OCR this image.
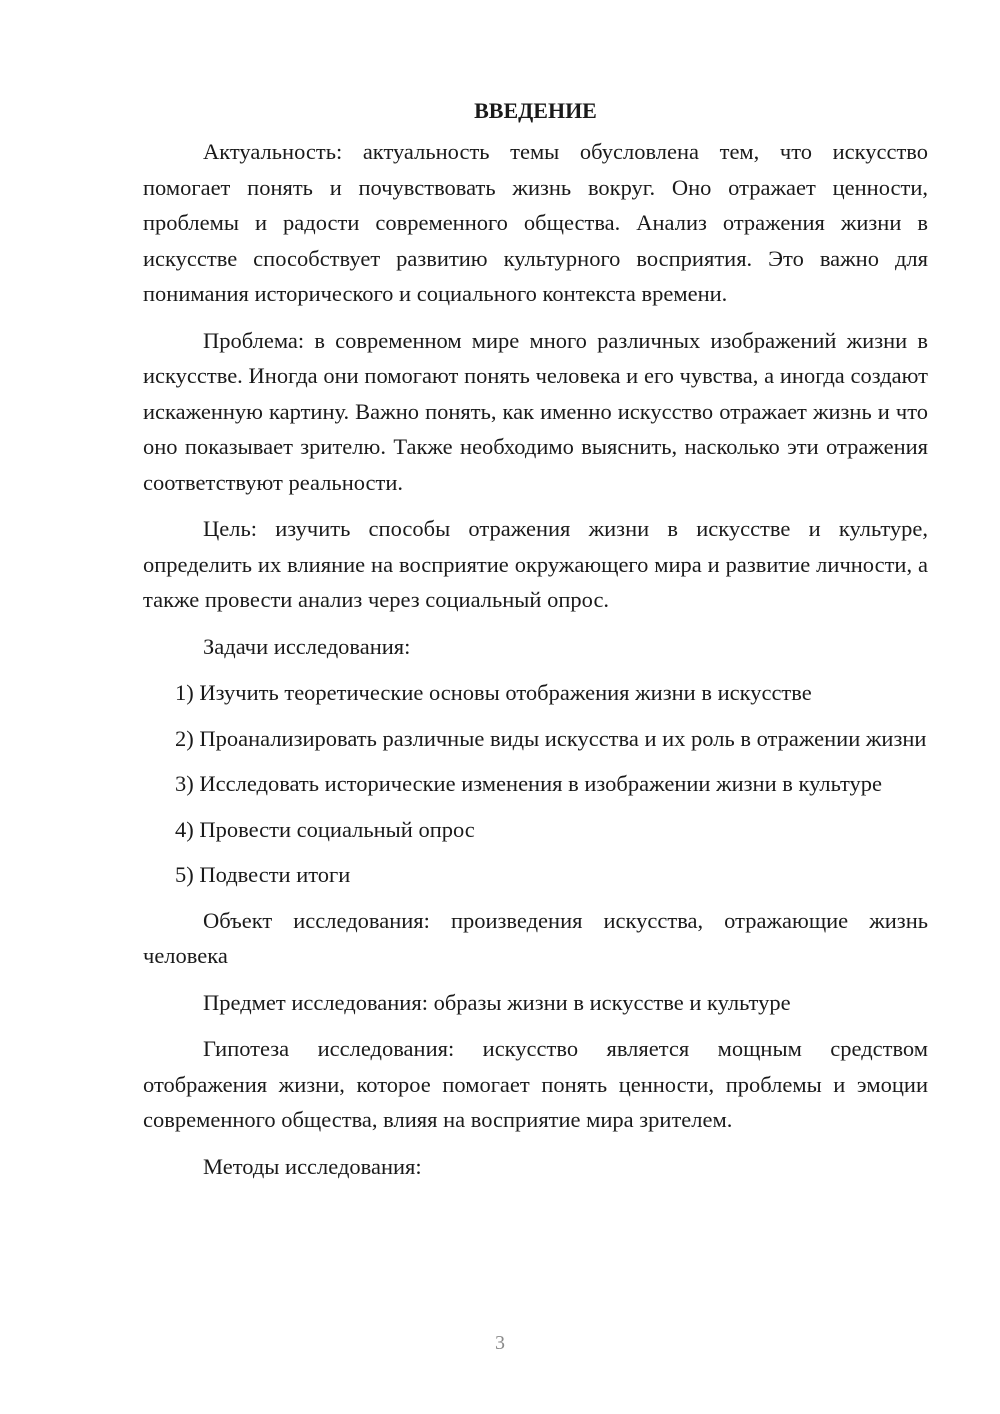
ВВЕДЕНИЕ

Актуальность: актуальность темы обусловлена тем, что искусство помогает понять и почувствовать жизнь вокруг. Оно отражает ценности, проблемы и радости современного общества. Анализ отражения жизни в искусстве способствует развитию культурного восприятия. Это важно для понимания исторического и социального контекста времени.

Проблема: в современном мире много различных изображений жизни в искусстве. Иногда они помогают понять человека и его чувства, а иногда создают искаженную картину. Важно понять, как именно искусство отражает жизнь и что оно показывает зрителю. Также необходимо выяснить, насколько эти отражения соответствуют реальности.

Цель: изучить способы отражения жизни в искусстве и культуре, определить их влияние на восприятие окружающего мира и развитие личности, а также провести анализ через социальный опрос.

Задачи исследования:

1) Изучить теоретические основы отображения жизни в искусстве

2) Проанализировать различные виды искусства и их роль в отражении жизни

3) Исследовать исторические изменения в изображении жизни в культуре

4) Провести социальный опрос

5) Подвести итоги

Объект исследования: произведения искусства, отражающие жизнь человека

Предмет исследования: образы жизни в искусстве и культуре

Гипотеза исследования: искусство является мощным средством отображения жизни, которое помогает понять ценности, проблемы и эмоции современного общества, влияя на восприятие мира зрителем.

Методы исследования:

3
